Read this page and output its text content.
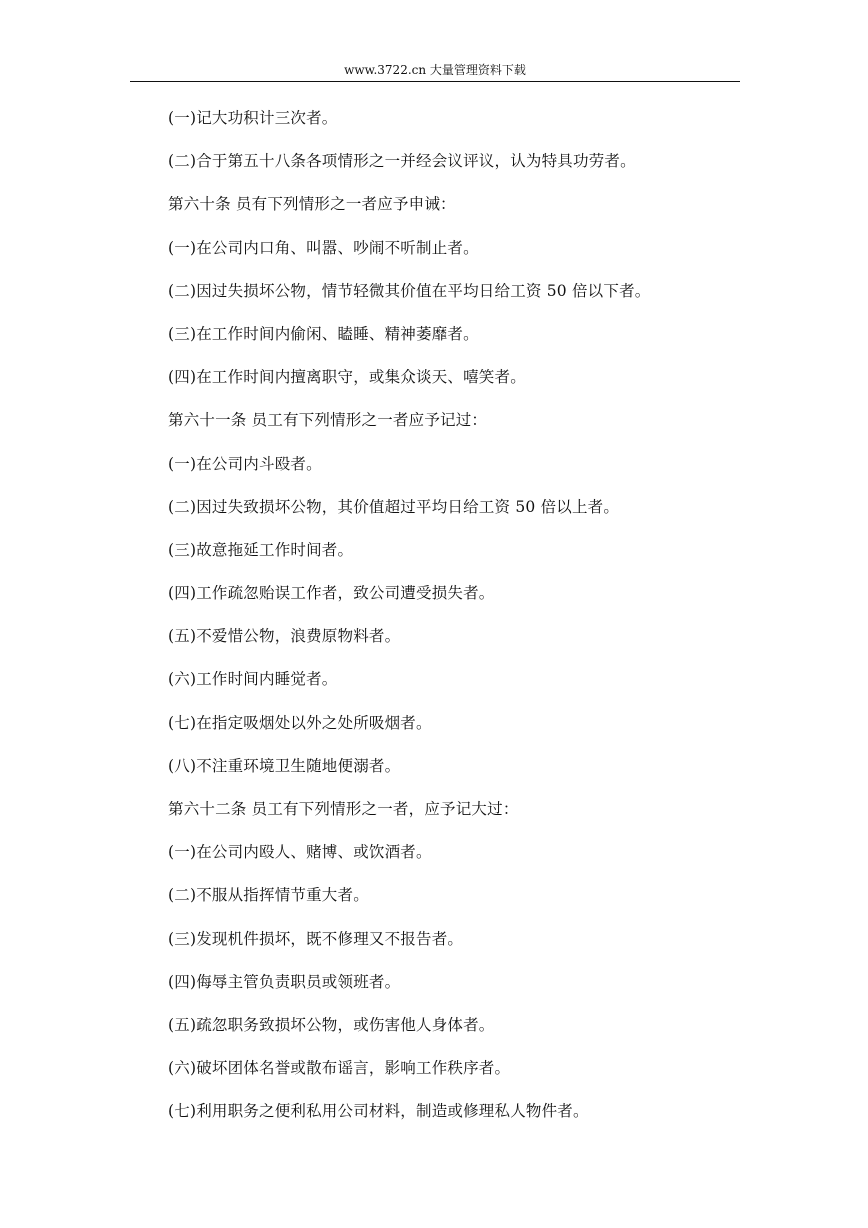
www.3722.cn 大量管理资料下载
(一)记大功积计三次者。
(二)合于第五十八条各项情形之一并经会议评议，认为特具功劳者。
第六十条 员有下列情形之一者应予申诫：
(一)在公司内口角、叫嚣、吵闹不听制止者。
(二)因过失损坏公物，情节轻微其价值在平均日给工资 50 倍以下者。
(三)在工作时间内偷闲、瞌睡、精神萎靡者。
(四)在工作时间内擅离职守，或集众谈天、嘻笑者。
第六十一条 员工有下列情形之一者应予记过：
(一)在公司内斗殴者。
(二)因过失致损坏公物，其价值超过平均日给工资 50 倍以上者。
(三)故意拖延工作时间者。
(四)工作疏忽贻误工作者，致公司遭受损失者。
(五)不爱惜公物，浪费原物料者。
(六)工作时间内睡觉者。
(七)在指定吸烟处以外之处所吸烟者。
(八)不注重环境卫生随地便溺者。
第六十二条 员工有下列情形之一者，应予记大过：
(一)在公司内殴人、赌博、或饮酒者。
(二)不服从指挥情节重大者。
(三)发现机件损坏，既不修理又不报告者。
(四)侮辱主管负责职员或领班者。
(五)疏忽职务致损坏公物，或伤害他人身体者。
(六)破坏团体名誉或散布谣言，影响工作秩序者。
(七)利用职务之便利私用公司材料，制造或修理私人物件者。
